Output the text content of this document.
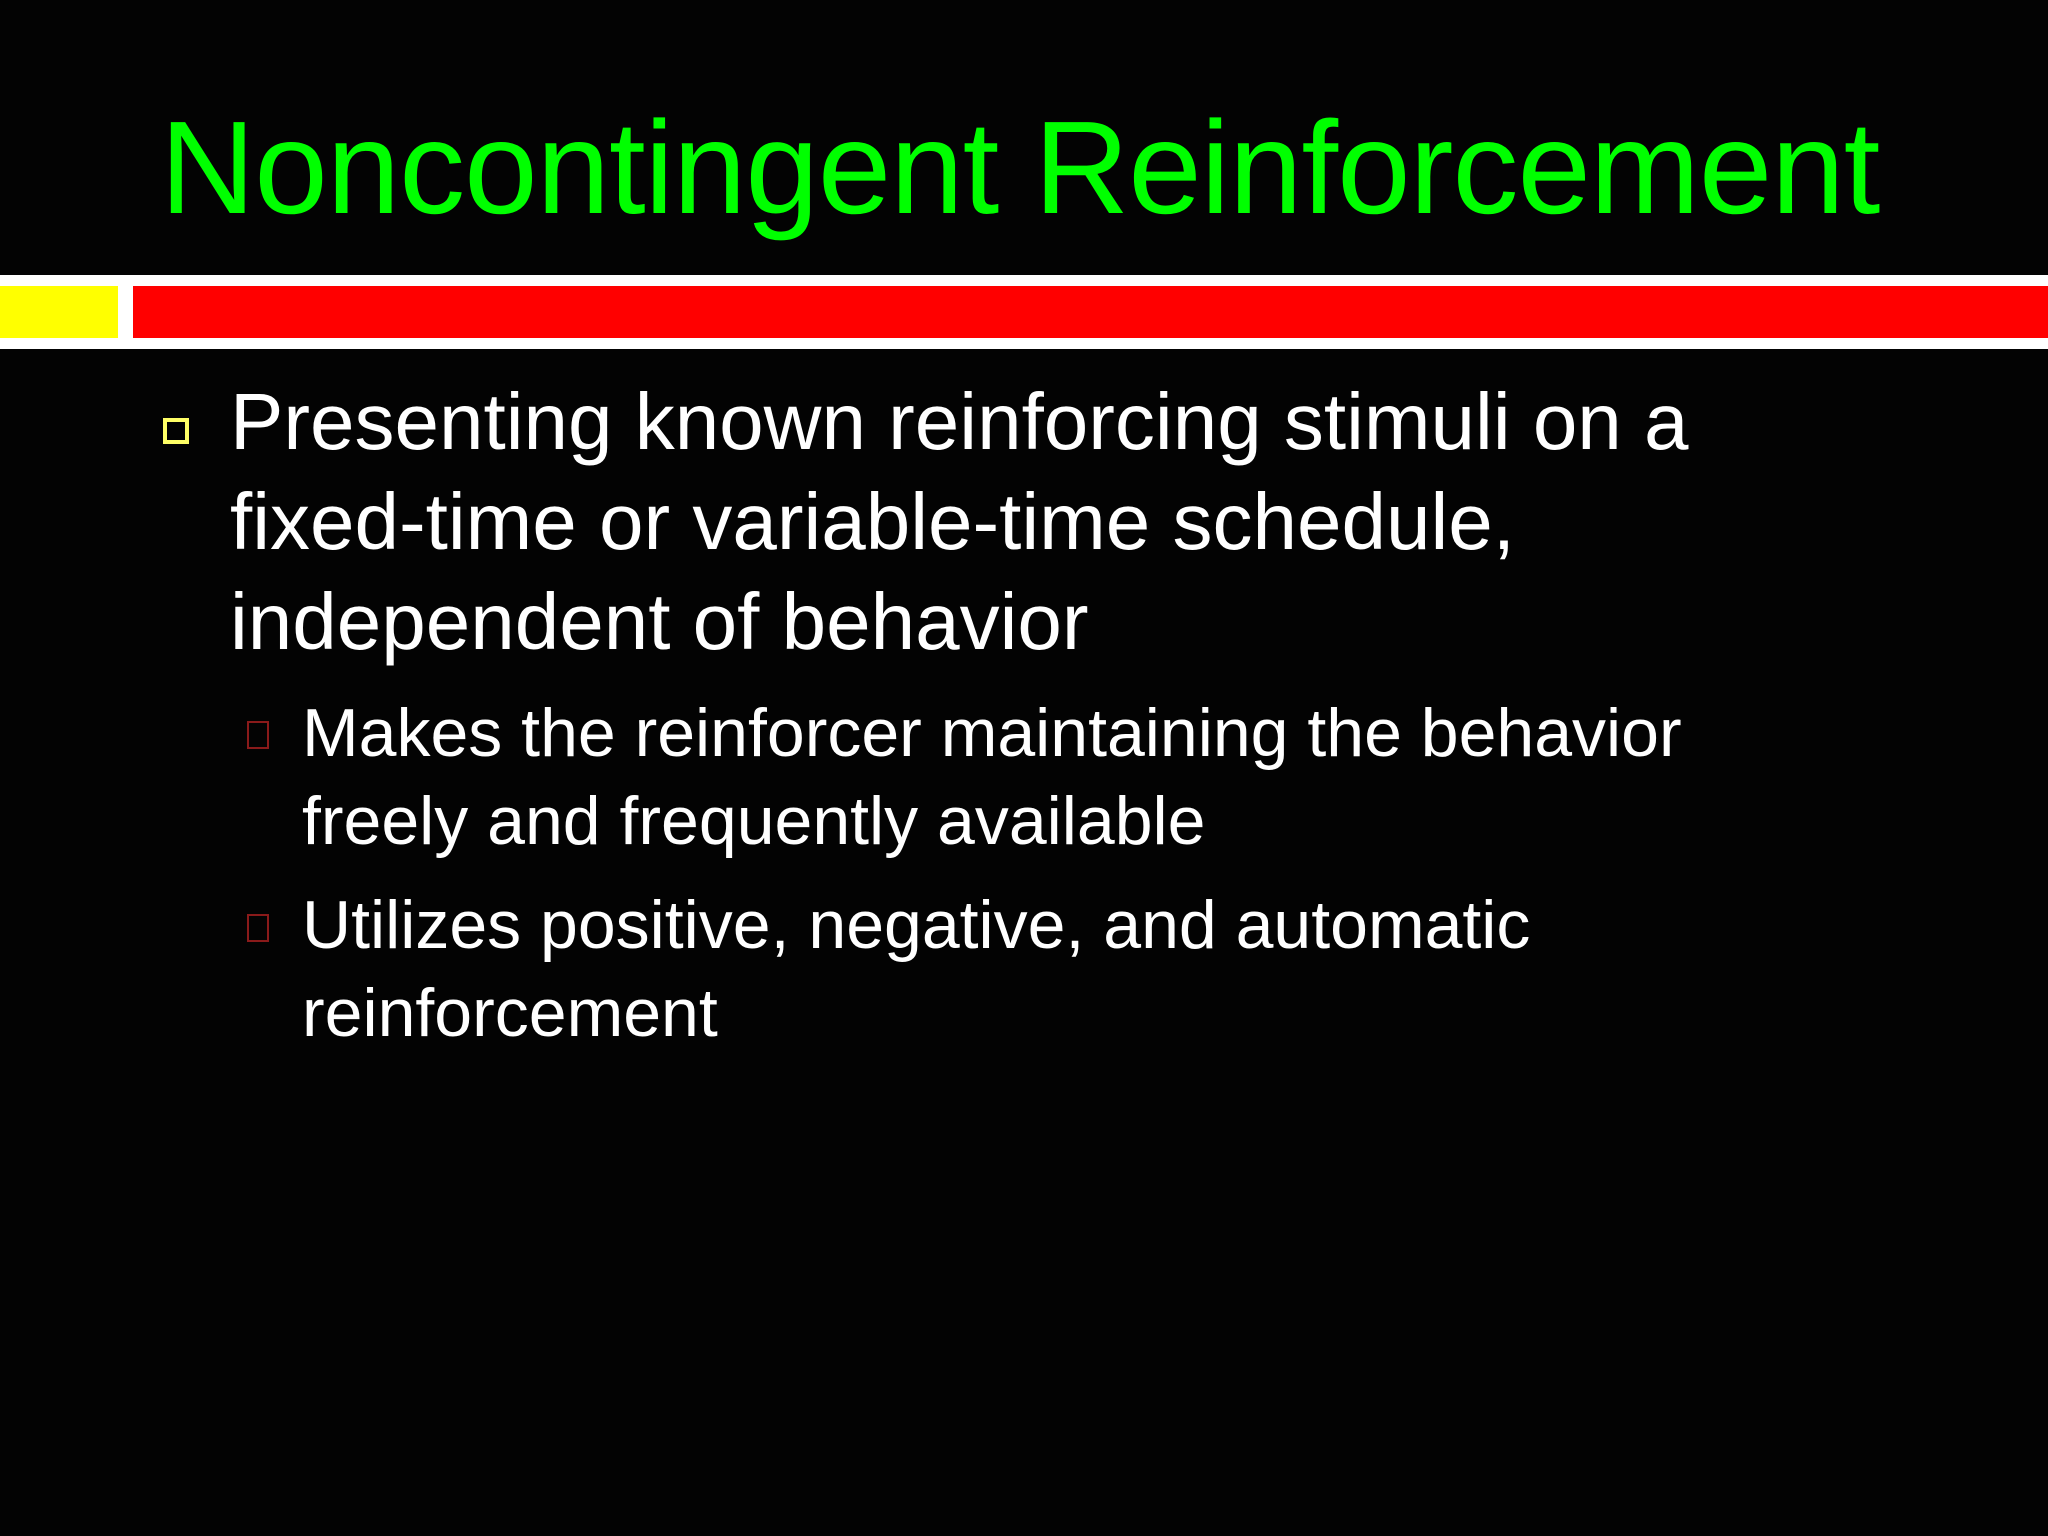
Noncontingent Reinforcement
Presenting known reinforcing stimuli on a fixed-time or variable-time schedule, independent of behavior
Makes the reinforcer maintaining the behavior freely and frequently available
Utilizes positive, negative, and automatic reinforcement
